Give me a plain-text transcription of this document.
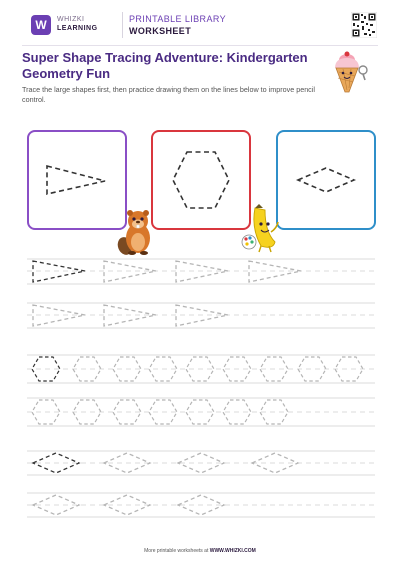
W	WHIZKI
LEARNING
PRINTABLE LIBRARY
WORKSHEET
Super Shape Tracing Adventure: Kindergarten Geometry Fun
Trace the large shapes first, then practice drawing them on the lines below to improve pencil control.
More printable worksheets at WWW.WHIZKI.COM
